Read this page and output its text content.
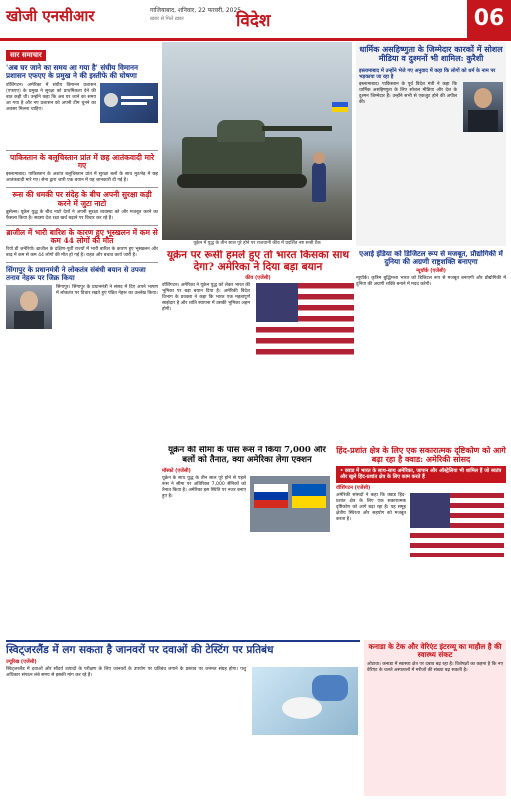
खोजी एनसीआर	गाजियाबाद, शनिवार, 22 फरवरी, 2025
ख़बर से मिलें ख़बर	विदेश	06
सार समाचार
'अब घर जाने का समय आ गया है' संघीय विमानन प्रशासन एफएए के प्रमुख ने की इस्तीफे की घोषणा
वॉशिंगटन। अमेरिका में संघीय विमानन प्रशासन (एफएए) के प्रमुख ने सुरक्षा को प्राथमिकता देने की बात कही थी। उन्होंने कहा कि अब घर जाने का समय आ गया है और नए प्रशासन को अपनी टीम चुनने का अवसर मिलना चाहिए।
पाकिस्तान के बलूचिस्तान प्रांत में छह आतंकवादी मारे गए
इस्लामाबाद। पाकिस्तान के अशांत बलूचिस्तान प्रांत में सुरक्षा बलों के साथ मुठभेड़ में छह आतंकवादी मारे गए। सेना द्वारा जारी एक बयान में यह जानकारी दी गई है।
रूस की धमकी पर संदेह के बीच अपनी सुरक्षा कड़ी करने में जुटा नाटो
ब्रुसेल्स। यूक्रेन युद्ध के बीच नाटो देशों ने अपनी सुरक्षा व्यवस्था को और मजबूत करने का फैसला किया है। सदस्य देश रक्षा खर्च बढ़ाने पर विचार कर रहे हैं।
ब्राजील में भारी बारिश के कारण हुए भूस्खलन में कम से कम 44 लोगों की मौत
रियो डी जनेरियो। ब्राजील के दक्षिण-पूर्वी राज्यों में भारी बारिश के कारण हुए भूस्खलन और बाढ़ में कम से कम 44 लोगों की मौत हो गई है। राहत और बचाव कार्य जारी है।
सिंगापुर के प्रधानमंत्री ने लोकतंत्र संबंधी बयान से उपजा तनाव नेहरू पर जिक्र किया
सिंगापुर। सिंगापुर के प्रधानमंत्री ने संसद में दिए अपने भाषण में लोकतंत्र पर विचार रखते हुए पंडित नेहरू का उल्लेख किया।
धार्मिक असहिष्णुता के जिम्मेदार कारकों में सोशल मीडिया व दुश्मनों भी शामिल: कुरैशी
इस्लामाबाद में उन्होंने भेजे गए अनुवाद में कहा कि लोगों को धर्म के नाम पर भड़काया जा रहा है
इस्लामाबाद। पाकिस्तान के पूर्व विदेश मंत्री ने कहा कि धार्मिक असहिष्णुता के लिए सोशल मीडिया और देश के दुश्मन जिम्मेदार हैं। उन्होंने सभी से एकजुट होने की अपील की।
यूक्रेन में युद्ध के तीन साल पूरे होने पर राजधानी कीव में प्रदर्शित नष्ट रूसी टैंक
यूक्रेन पर रूसी हमले हुए तो भारत किसका साथ देगा? अमेरिका ने दिया बड़ा बयान
कीव (एजेंसी)
वॉशिंगटन। अमेरिका ने यूक्रेन युद्ध को लेकर भारत की भूमिका पर बड़ा बयान दिया है। अमेरिकी विदेश विभाग के प्रवक्ता ने कहा कि भारत एक महत्वपूर्ण साझेदार है और शांति स्थापना में उसकी भूमिका अहम होगी।
एआई इंडिया को डिजिटल रूप से मजबूत, प्रौद्योगिकी में दुनिया की अग्रणी राष्ट्रशक्ति बनाएगा
न्यूयॉर्क (एजेंसी)
न्यूयॉर्क। कृत्रिम बुद्धिमत्ता भारत को डिजिटल रूप से मजबूत बनाएगी और प्रौद्योगिकी में दुनिया की अग्रणी शक्ति बनाने में मदद करेगी।
यूक्रेन की सीमा के पास रूस ने किया 7,000 और बलों को तैनात, क्या अमेरिका लेगा एक्शन
मॉस्को (एजेंसी)
यूक्रेन के साथ युद्ध के तीन साल पूरे होने से पहले रूस ने सीमा पर अतिरिक्त 7,000 सैनिकों को तैनात किया है। अमेरिका इस स्थिति पर नजर बनाए हुए है।
हिंद-प्रशांत क्षेत्र के लिए एक सकारात्मक दृष्टिकोण को आगे बढ़ा रहा है क्वाड: अमेरिकी सांसद
• क्वाड में भारत के साथ-साथ अमेरिका, जापान और ऑस्ट्रेलिया भी शामिल हैं जो स्वतंत्र और खुले हिंद-प्रशांत क्षेत्र के लिए काम करते हैं
वॉशिंगटन (एजेंसी)
अमेरिकी सांसदों ने कहा कि क्वाड हिंद-प्रशांत क्षेत्र के लिए एक सकारात्मक दृष्टिकोण को आगे बढ़ा रहा है। यह समूह क्षेत्रीय स्थिरता और सहयोग को मजबूत करता है।
स्विट्जरलैंड में लग सकता है जानवरों पर दवाओं की टेस्टिंग पर प्रतिबंध
ज्यूरिख (एजेंसी)
स्विट्जरलैंड में दवाओं और सौंदर्य उत्पादों के परीक्षण के लिए जानवरों के उपयोग पर प्रतिबंध लगाने के प्रस्ताव पर जनमत संग्रह होगा। पशु अधिकार संगठन लंबे समय से इसकी मांग कर रहे हैं।
कनाडा के टेक और वेरिएंट इंटरव्यू का माहौल है की स्वास्थ्य संकट
ओटावा। कनाडा में स्वास्थ्य क्षेत्र पर दबाव बढ़ रहा है। विशेषज्ञों का कहना है कि नए वेरिएंट के चलते अस्पतालों में मरीजों की संख्या बढ़ सकती है।
